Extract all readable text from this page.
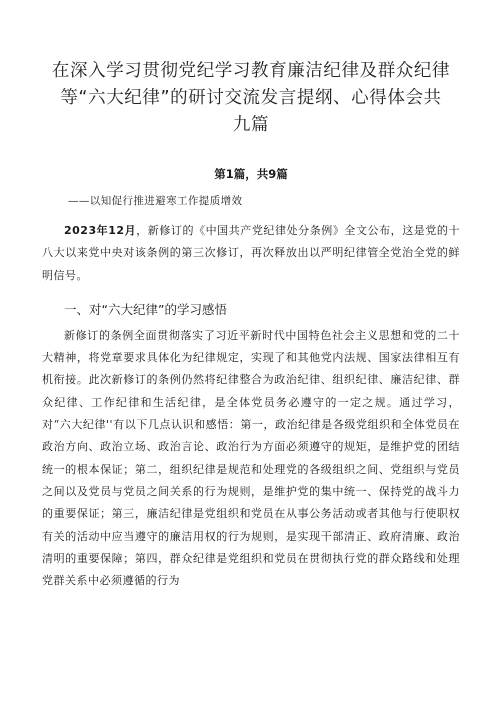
在深入学习贯彻党纪学习教育廉洁纪律及群众纪律
等“六大纪律”的研讨交流发言提纲、心得体会共
九篇
第1篇，共9篇
——以知促行推进避寒工作提质增效

2023年12月，新修订的《中国共产党纪律处分条例》全文公布，这是党的十八大以来党中央对该条例的第三次修订，再次释放出以严明纪律管全党治全党的鲜明信号。

一、对“六大纪律”的学习感悟

新修订的条例全面贯彻落实了习近平新时代中国特色社会主义思想和党的二十大精神，将党章要求具体化为纪律规定，实现了和其他党内法规、国家法律相互有机衔接。此次新修订的条例仍然将纪律整合为政治纪律、组织纪律、廉洁纪律、群众纪律、工作纪律和生活纪律，是全体党员务必遵守的一定之规。通过学习，对“六大纪律''有以下几点认识和感悟：第一，政治纪律是各级党组织和全体党员在政治方向、政治立场、政治言论、政治行为方面必须遵守的规矩，是维护党的团结统一的根本保证；第二，组织纪律是规范和处理党的各级组织之间、党组织与党员之间以及党员与党员之间关系的行为规则，是维护党的集中统一、保持党的战斗力的重要保证；第三，廉洁纪律是党组织和党员在从事公务活动或者其他与行使职权有关的活动中应当遵守的廉洁用权的行为规则，是实现干部清正、政府清廉、政治清明的重要保障；第四，群众纪律是党组织和党员在贯彻执行党的群众路线和处理党群关系中必须遵循的行为
